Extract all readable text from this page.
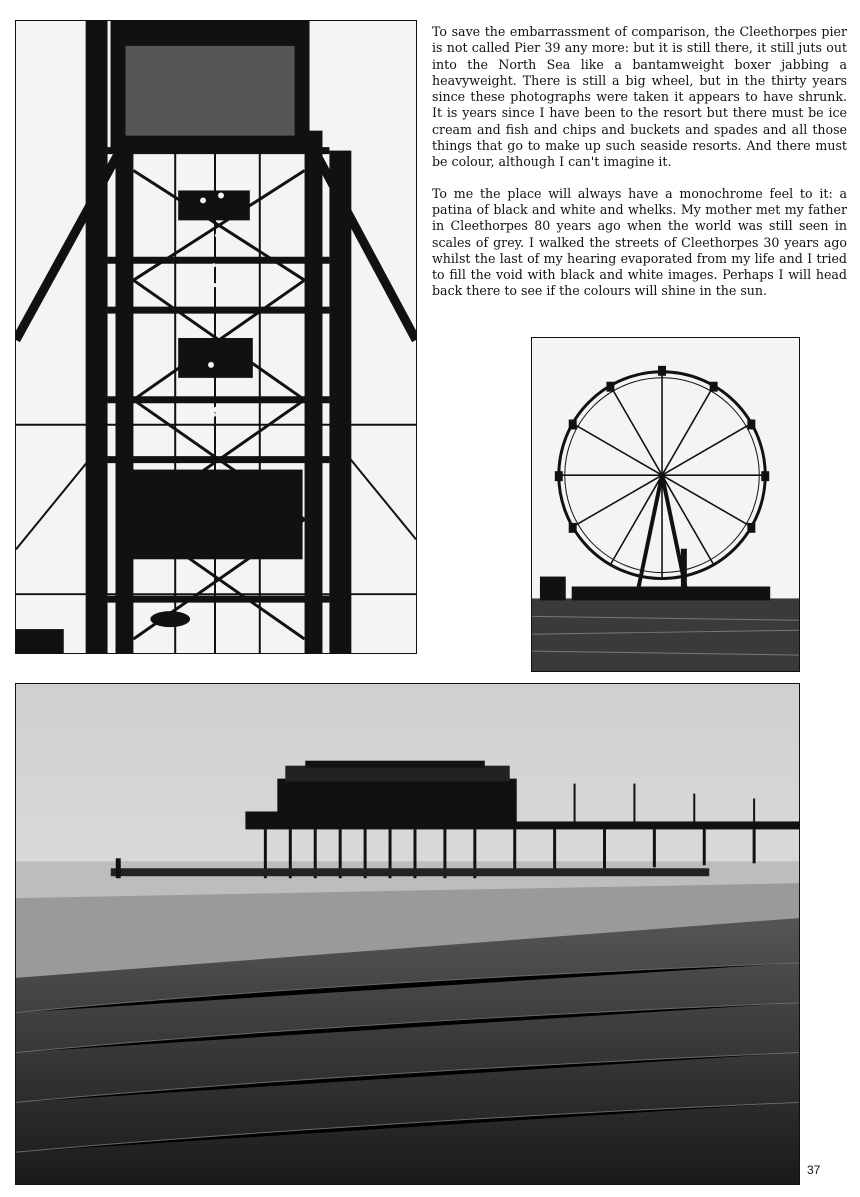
To save the embarrassment of comparison, the Cleethorpes pier is not called Pier 39 any more: but it is still there, it still juts out into the North Sea like a bantamweight boxer jabbing a heavyweight. There is still a big wheel, but in the thirty years since these photographs were taken it appears to have shrunk. It is years since I have been to the resort but there must be ice cream and fish and chips and buckets and spades and all those things that go to make up such seaside resorts. And there must be colour, although I can't imagine it.

To me the place will always have a monochrome feel to it: a patina of black and white and whelks. My mother met my father in Cleethorpes 80 years ago when the world was still seen in scales of grey. I walked the streets of Cleethorpes 30 years ago whilst the last of my hearing evaporated from my life and I tried to fill the void with black and white images. Perhaps I will head back there to see if the colours will shine in the sun.

37
